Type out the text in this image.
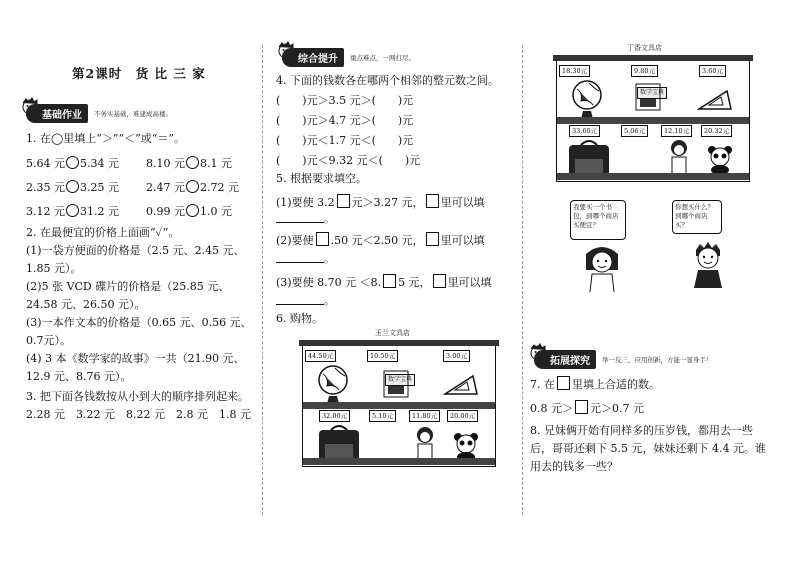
第2课时　货 比 三 家
基础作业	不务实基础，难建成高楼。
1. 在◯里填上“＞”“＜”或“＝”。
5.64 元 5.34 元 8.10 元 8.1 元
2.35 元 3.25 元 2.47 元 2.72 元
3.12 元 31.2 元 0.99 元 1.0 元
2. 在最便宜的价格上面画“✓”。
(1)一袋方便面的价格是（2.5 元、2.45 元、
1.85 元）。
(2)5 张 VCD 碟片的价格是（25.85 元、
24.58 元、26.50 元）。
(3)一本作文本的价格是（0.65 元、0.56 元、
0.7元）。
(4) 3 本《数学家的故事》一共（21.90 元、
12.9 元、8.76 元）。
3. 把下面各钱数按从小到大的顺序排列起来。
2.28 元　3.22 元　8.22 元　2.8 元　1.8 元
综合提升	重点难点，一网打尽。
4. 下面的钱数各在哪两个相邻的整元数之间。
( )元＞3.5 元＞( )元
( )元＞4.7 元＞( )元
( )元＜1.7 元＜( )元
( )元＜9.32 元＜( )元
5. 根据要求填空。
(1)要使 3.2 元＞3.27 元， 里可以填
。
(2)要使 .50 元＜2.50 元， 里可以填
。
(3)要使 8.70 元 ＜8. 5 元， 里可以填
。
6. 购物。
玉兰文具店
44.50元	10.50元	3.00元
数学宝典
32.00元	5.10元	11.80元	20.00元
丁香文具店
18.30元	9.80元	3.60元
数学宝典
33.60元	5.06元	12.10元	20.32元
我要买一个书包，到哪个商店买便宜？
你想买什么？到哪个商店买？
拓展探究	举一反三，应用创新，方能一显身手！
7. 在 里填上合适的数。
0.8 元＞ 元＞0.7 元
8. 兄妹俩开始有同样多的压岁钱，都用去一些
后，哥哥还剩下 5.5 元，妹妹还剩下 4.4 元。谁
用去的钱多一些？
